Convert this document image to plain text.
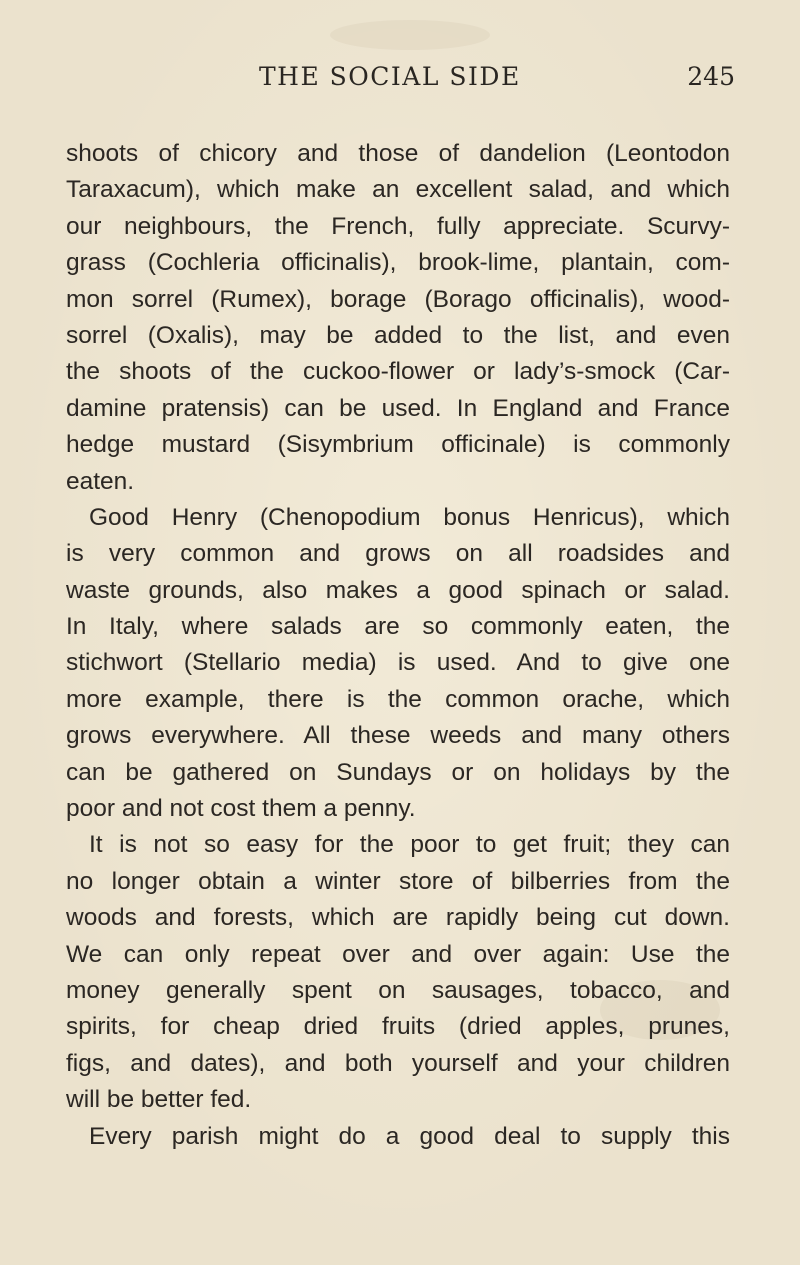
THE SOCIAL SIDE	245
shoots of chicory and those of dandelion (Leontodon
Taraxacum), which make an excellent salad, and which
our neighbours, the French, fully appreciate. Scurvy-
grass (Cochleria officinalis), brook-lime, plantain, com-
mon sorrel (Rumex), borage (Borago officinalis), wood-
sorrel (Oxalis), may be added to the list, and even
the shoots of the cuckoo-flower or lady’s-smock (Car-
damine pratensis) can be used. In England and France
hedge mustard (Sisymbrium officinale) is commonly
eaten.
Good Henry (Chenopodium bonus Henricus), which
is very common and grows on all roadsides and
waste grounds, also makes a good spinach or salad.
In Italy, where salads are so commonly eaten, the
stichwort (Stellario media) is used. And to give one
more example, there is the common orache, which
grows everywhere. All these weeds and many others
can be gathered on Sundays or on holidays by the
poor and not cost them a penny.
It is not so easy for the poor to get fruit; they can
no longer obtain a winter store of bilberries from the
woods and forests, which are rapidly being cut down.
We can only repeat over and over again: Use the
money generally spent on sausages, tobacco, and
spirits, for cheap dried fruits (dried apples, prunes,
figs, and dates), and both yourself and your children
will be better fed.
Every parish might do a good deal to supply this
